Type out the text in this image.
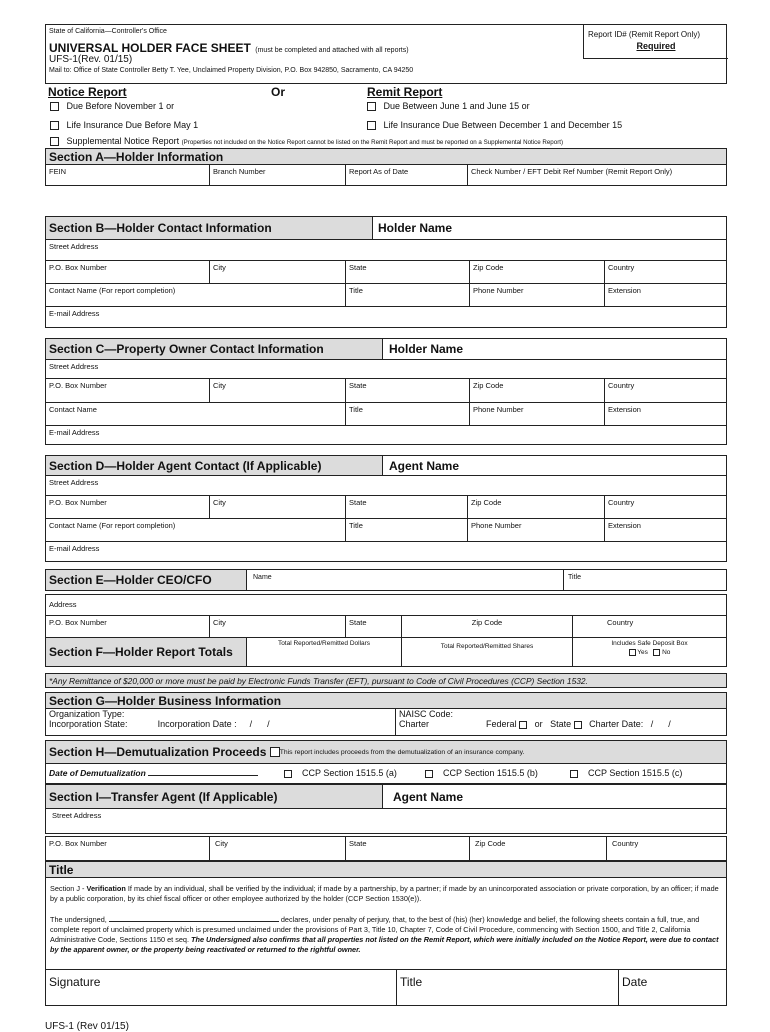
State of California—Controller's Office
UNIVERSAL HOLDER FACE SHEET (must be completed and attached with all reports)
UFS-1(Rev. 01/15)
Mail to: Office of State Controller Betty T. Yee, Unclaimed Property Division, P.O. Box 942850, Sacramento, CA 94250
Report ID# (Remit Report Only)
Required
Notice Report	Or	Remit Report
Due Before November 1 or
Life Insurance Due Before May 1
Supplemental Notice Report (Properties not included on the Notice Report cannot be listed on the Remit Report and must be reported on a Supplemental Notice Report)
Due Between June 1 and June 15 or
Life Insurance Due Between December 1 and December 15
Section A—Holder Information
FEIN	Branch Number	Report As of Date	Check Number / EFT Debit Ref Number (Remit Report Only)
Section B—Holder Contact Information	Holder Name
Street Address
P.O. Box Number	City	State	Zip Code	Country
Contact Name (For report completion)	Title	Phone Number	Extension
E-mail Address
Section C—Property Owner Contact Information	Holder Name
Street Address
P.O. Box Number	City	State	Zip Code	Country
Contact Name	Title	Phone Number	Extension
E-mail Address
Section D—Holder Agent Contact (If Applicable)	Agent Name
Street Address
P.O. Box Number	City	State	Zip Code	Country
Contact Name (For report completion)	Title	Phone Number	Extension
E-mail Address
Section E—Holder CEO/CFO	Name	Title
Address
P.O. Box Number	City	State	Zip Code	Country
Section F—Holder Report Totals
Total Reported/Remitted Dollars	Total Reported/Remitted Shares	Includes Safe Deposit Box
Yes No
*Any Remittance of $20,000 or more must be paid by Electronic Funds Transfer (EFT), pursuant to Code of Civil Procedures (CCP) Section 1532.
Section G—Holder Business Information
Organization Type:
Incorporation State:	Incorporation Date : /      /
NAISC Code:
Charter	Federal or State Charter Date: /      /
Section H—Demutualization Proceeds
This report includes proceeds from the demutualization of an insurance company.
Date of Demutualization	CCP Section 1515.5 (a)	CCP Section 1515.5 (b)	CCP Section 1515.5 (c)
Section I—Transfer Agent (If Applicable)	Agent Name
Street Address
P.O. Box Number	City	State	Zip Code	Country
Title
Section J - Verification If made by an individual, shall be verified by the individual; if made by a partnership, by a partner; if made by an unincorporated association or private corporation, by an officer; if made by a public corporation, by its chief fiscal officer or other employee authorized by the holder (CCP Section 1530(e)).
The undersigned,	declares, under penalty of perjury, that, to the best of (his) (her) knowledge and belief, the following sheets contain a full, true, and complete report of unclaimed property which is presumed unclaimed under the provisions of Part 3, Title 10, Chapter 7, Code of Civil Procedure, commencing with Section 1500, and Title 2, California Administrative Code, Sections 1150 et seq. The Undersigned also confirms that all properties not listed on the Remit Report, which were initially included on the Notice Report, were due to contact by the apparent owner, or the property being reactivated or returned to the rightful owner.
Signature	Title	Date
UFS-1 (Rev 01/15)
